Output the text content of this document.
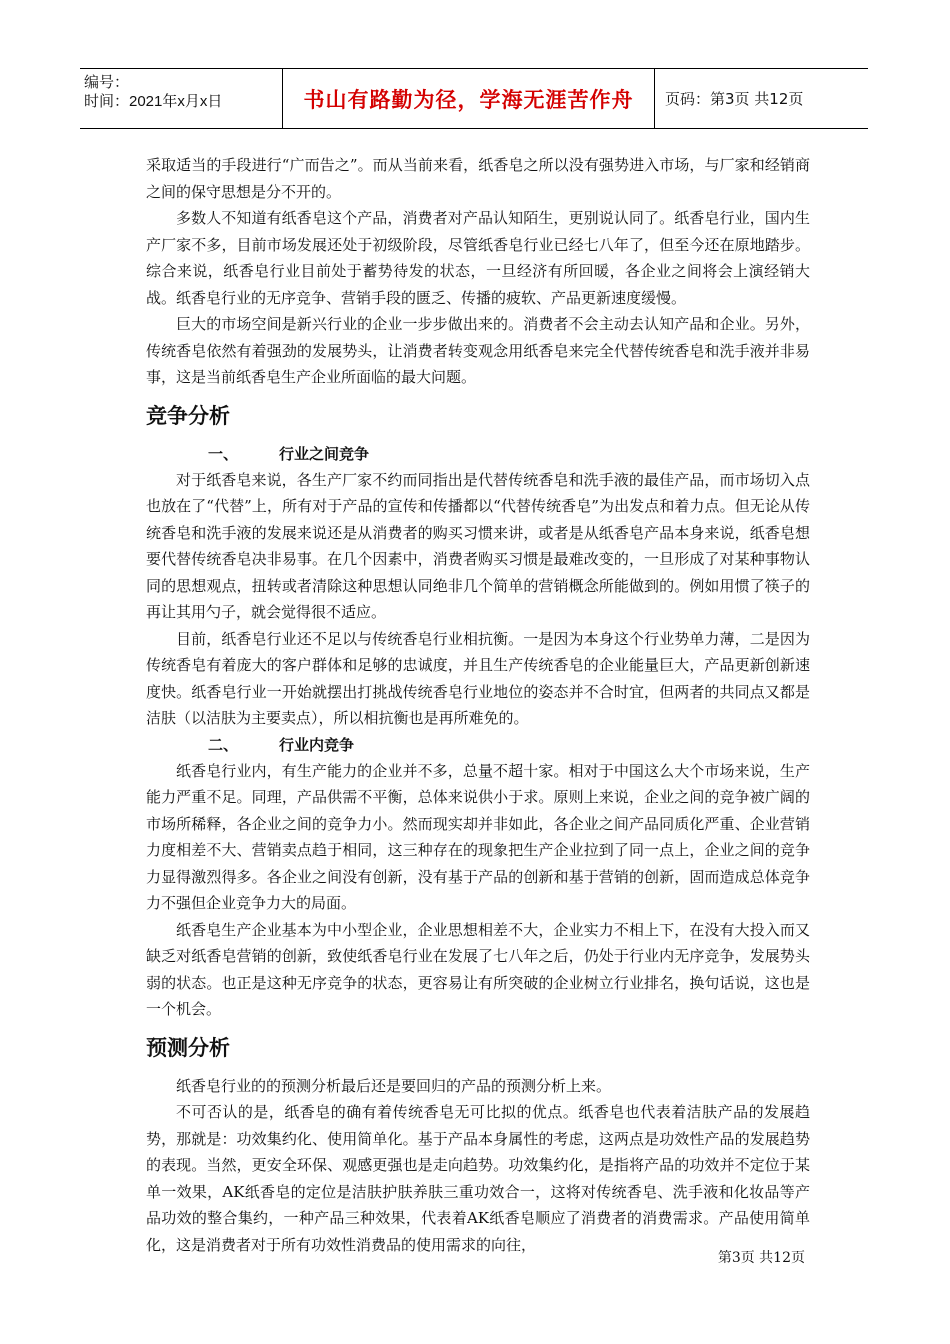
编号：
时间：2021年x月x日	书山有路勤为径，学海无涯苦作舟	页码：第3页 共12页

采取适当的手段进行“广而告之”。而从当前来看，纸香皂之所以没有强势进入市场，与厂家和经销商之间的保守思想是分不开的。

多数人不知道有纸香皂这个产品，消费者对产品认知陌生，更别说认同了。纸香皂行业，国内生产厂家不多，目前市场发展还处于初级阶段，尽管纸香皂行业已经七八年了，但至今还在原地踏步。综合来说，纸香皂行业目前处于蓄势待发的状态，一旦经济有所回暖，各企业之间将会上演经销大战。纸香皂行业的无序竞争、营销手段的匮乏、传播的疲软、产品更新速度缓慢。

巨大的市场空间是新兴行业的企业一步步做出来的。消费者不会主动去认知产品和企业。另外，传统香皂依然有着强劲的发展势头，让消费者转变观念用纸香皂来完全代替传统香皂和洗手液并非易事，这是当前纸香皂生产企业所面临的最大问题。

竞争分析
一、	行业之间竞争

对于纸香皂来说，各生产厂家不约而同指出是代替传统香皂和洗手液的最佳产品，而市场切入点也放在了“代替”上，所有对于产品的宣传和传播都以“代替传统香皂”为出发点和着力点。但无论从传统香皂和洗手液的发展来说还是从消费者的购买习惯来讲，或者是从纸香皂产品本身来说，纸香皂想要代替传统香皂决非易事。在几个因素中，消费者购买习惯是最难改变的，一旦形成了对某种事物认同的思想观点，扭转或者清除这种思想认同绝非几个简单的营销概念所能做到的。例如用惯了筷子的再让其用勺子，就会觉得很不适应。

目前，纸香皂行业还不足以与传统香皂行业相抗衡。一是因为本身这个行业势单力薄，二是因为传统香皂有着庞大的客户群体和足够的忠诚度，并且生产传统香皂的企业能量巨大，产品更新创新速度快。纸香皂行业一开始就摆出打挑战传统香皂行业地位的姿态并不合时宜，但两者的共同点又都是洁肤（以洁肤为主要卖点），所以相抗衡也是再所难免的。

二、	行业内竞争

纸香皂行业内，有生产能力的企业并不多，总量不超十家。相对于中国这么大个市场来说，生产能力严重不足。同理，产品供需不平衡，总体来说供小于求。原则上来说，企业之间的竞争被广阔的市场所稀释，各企业之间的竞争力小。然而现实却并非如此，各企业之间产品同质化严重、企业营销力度相差不大、营销卖点趋于相同，这三种存在的现象把生产企业拉到了同一点上，企业之间的竞争力显得激烈得多。各企业之间没有创新，没有基于产品的创新和基于营销的创新，固而造成总体竞争力不强但企业竞争力大的局面。

纸香皂生产企业基本为中小型企业，企业思想相差不大，企业实力不相上下，在没有大投入而又缺乏对纸香皂营销的创新，致使纸香皂行业在发展了七八年之后，仍处于行业内无序竞争，发展势头弱的状态。也正是这种无序竞争的状态，更容易让有所突破的企业树立行业排名，换句话说，这也是一个机会。

预测分析

纸香皂行业的的预测分析最后还是要回归的产品的预测分析上来。

不可否认的是，纸香皂的确有着传统香皂无可比拟的优点。纸香皂也代表着洁肤产品的发展趋势，那就是：功效集约化、使用简单化。基于产品本身属性的考虑，这两点是功效性产品的发展趋势的表现。当然，更安全环保、观感更强也是走向趋势。功效集约化，是指将产品的功效并不定位于某单一效果，AK纸香皂的定位是洁肤护肤养肤三重功效合一，这将对传统香皂、洗手液和化妆品等产品功效的整合集约，一种产品三种效果，代表着AK纸香皂顺应了消费者的消费需求。产品使用简单化，这是消费者对于所有功效性消费品的使用需求的向往，

第3页 共12页
